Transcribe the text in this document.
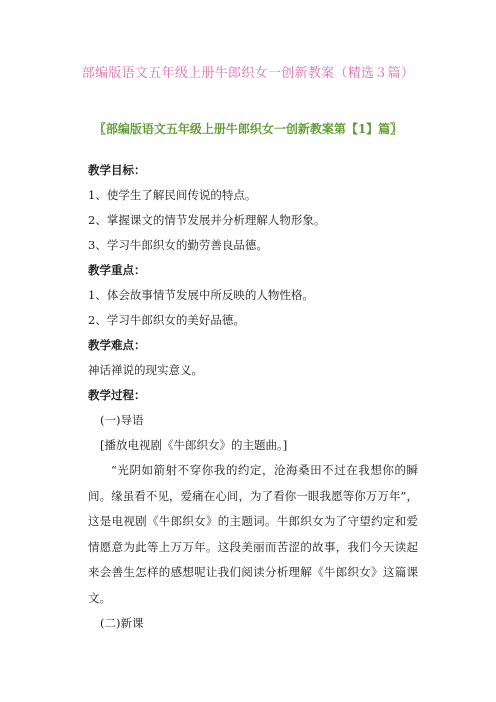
部编版语文五年级上册牛郎织女一创新教案（精选３篇）
〖部编版语文五年级上册牛郎织女一创新教案第【1】篇〗

教学目标：

1、使学生了解民间传说的特点。

2、掌握课文的情节发展并分析理解人物形象。

3、学习牛郎织女的勤劳善良品德。

教学重点：

1、体会故事情节发展中所反映的人物性格。

2、学习牛郎织女的美好品德。

教学难点：

神话禅说的现实意义。

教学过程：

(一)导语

[播放电视剧《牛郎织女》的主题曲。]

“光阴如箭射不穿你我的约定，沧海桑田不过在我想你的瞬间。缘虽看不见，爱痛在心间，为了看你一眼我愿等你万万年”，这是电视剧《牛郎织女》的主题词。牛郎织女为了守望约定和爱情愿意为此等上万万年。这段美丽而苦涩的故事，我们今天读起来会善生怎样的感想呢让我们阅读分析理解《牛郎织女》这篇课文。

(二)新课
